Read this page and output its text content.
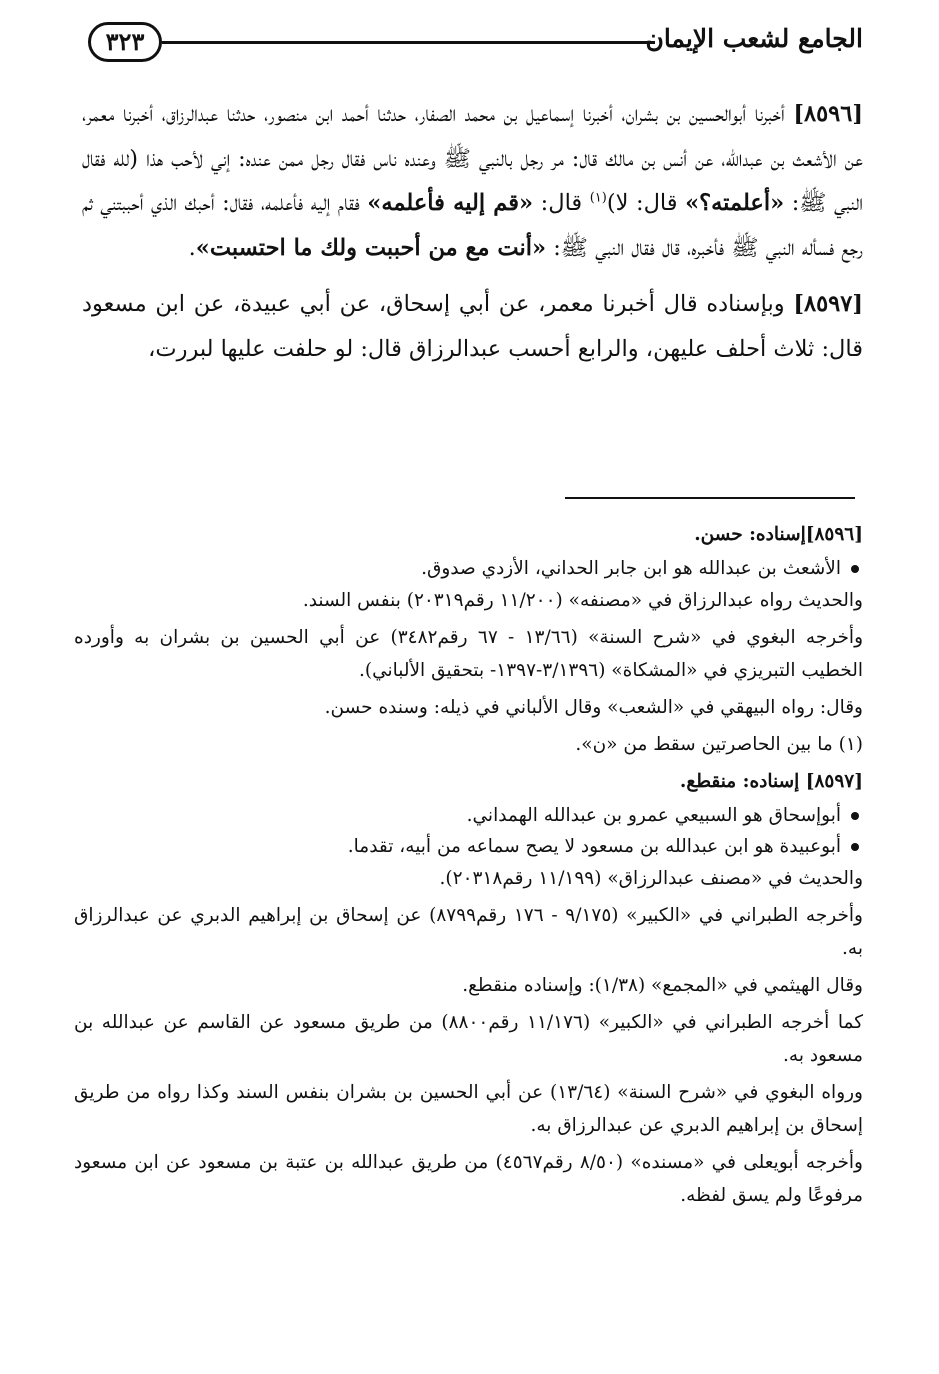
٣٢٣	الجامع لشعب الإيمان

[٨٥٩٦] أخبرنا أبوالحسين بن بشران، أخبرنا إسماعيل بن محمد الصفار، حدثنا أحمد ابن منصور، حدثنا عبدالرزاق، أخبرنا معمر، عن الأشعث بن عبدالله، عن أنس بن مالك قال: مر رجل بالنبي ﷺ وعنده ناس فقال رجل ممن عنده: إني لأحب هذا (لله فقال النبي ﷺ: «أعلمته؟» قال: لا)$^{(١)}$ قال: «قم إليه فأعلمه» فقام إليه فأعلمه، فقال: أحبك الذي أحببتني ثم رجع فسأله النبي ﷺ فأخبره، قال فقال النبي ﷺ: «أنت مع من أحببت ولك ما احتسبت».

[٨٥٩٧] وبإسناده قال أخبرنا معمر، عن أبي إسحاق، عن أبي عبيدة، عن ابن مسعود قال: ثلاث أحلف عليهن، والرابع أحسب عبدالرزاق قال: لو حلفت عليها لبررت،

[٨٥٩٦]إسناده: حسن.

الأشعث بن عبدالله هو ابن جابر الحداني، الأزدي صدوق.

والحديث رواه عبدالرزاق في «مصنفه» (١١/٢٠٠ رقم٢٠٣١٩) بنفس السند.

وأخرجه البغوي في «شرح السنة» (١٣/٦٦ - ٦٧ رقم٣٤٨٢) عن أبي الحسين بن بشران به وأورده الخطيب التبريزي في «المشكاة» (٣/١٣٩٦-١٣٩٧- بتحقيق الألباني).

وقال: رواه البيهقي في «الشعب» وقال الألباني في ذيله: وسنده حسن.

(١) ما بين الحاصرتين سقط من «ن».

[٨٥٩٧] إسناده: منقطع.

أبوإسحاق هو السبيعي عمرو بن عبدالله الهمداني.

أبوعبيدة هو ابن عبدالله بن مسعود لا يصح سماعه من أبيه، تقدما.

والحديث في «مصنف عبدالرزاق» (١١/١٩٩ رقم٢٠٣١٨).

وأخرجه الطبراني في «الكبير» (٩/١٧٥ - ١٧٦ رقم٨٧٩٩) عن إسحاق بن إبراهيم الدبري عن عبدالرزاق به.

وقال الهيثمي في «المجمع» (١/٣٨): وإسناده منقطع.

كما أخرجه الطبراني في «الكبير» (١١/١٧٦ رقم٨٨٠٠) من طريق مسعود عن القاسم عن عبدالله بن مسعود به.

ورواه البغوي في «شرح السنة» (١٣/٦٤) عن أبي الحسين بن بشران بنفس السند وكذا رواه من طريق إسحاق بن إبراهيم الدبري عن عبدالرزاق به.

وأخرجه أبويعلى في «مسنده» (٨/٥٠ رقم٤٥٦٧) من طريق عبدالله بن عتبة بن مسعود عن ابن مسعود مرفوعًا ولم يسق لفظه.
